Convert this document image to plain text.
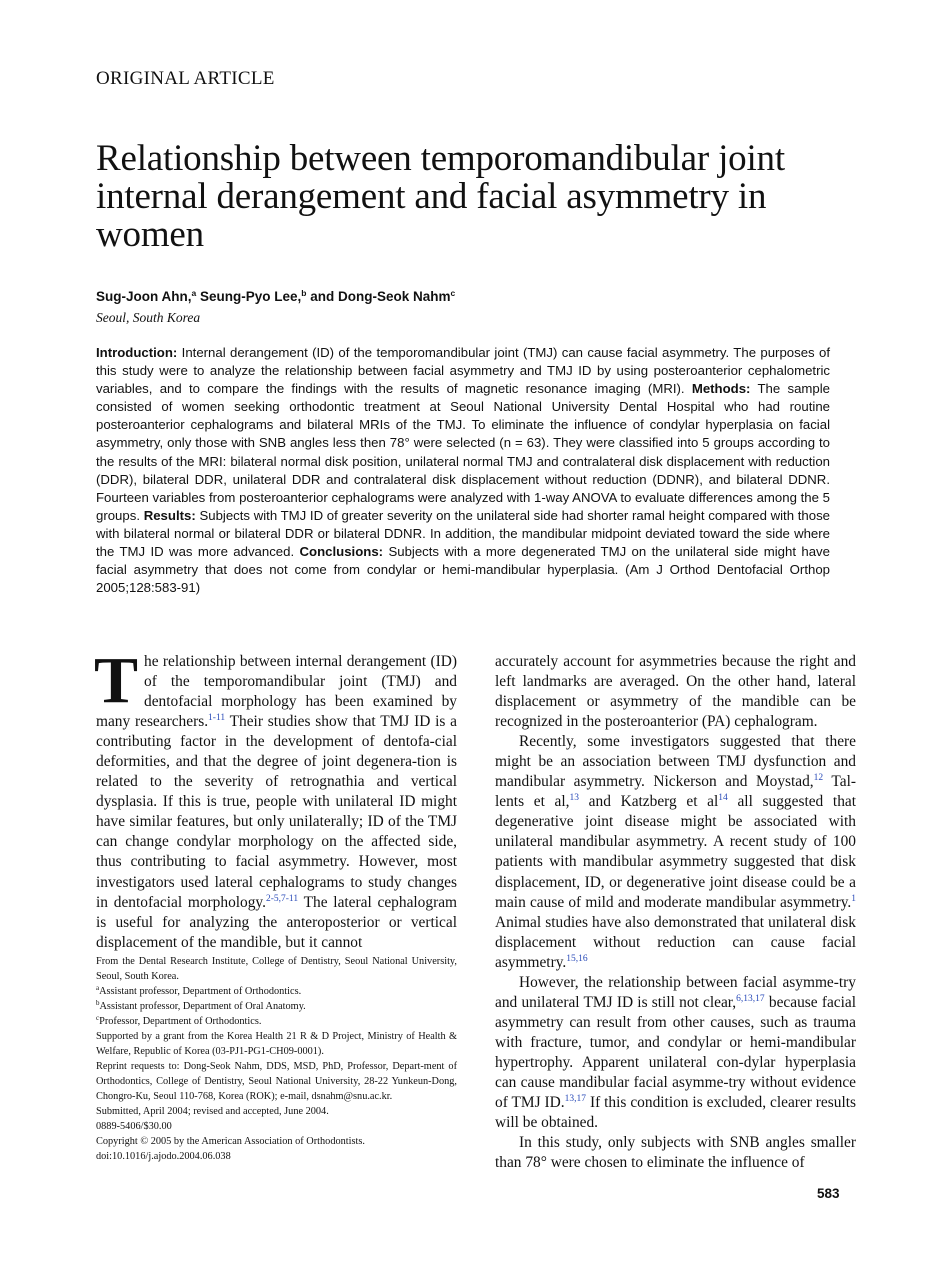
ORIGINAL ARTICLE
Relationship between temporomandibular joint internal derangement and facial asymmetry in women
Sug-Joon Ahn,$^a$ Seung-Pyo Lee,$^b$ and Dong-Seok Nahm$^c$
Seoul, South Korea

Introduction: Internal derangement (ID) of the temporomandibular joint (TMJ) can cause facial asymmetry. The purposes of this study were to analyze the relationship between facial asymmetry and TMJ ID by using posteroanterior cephalometric variables, and to compare the findings with the results of magnetic resonance imaging (MRI). Methods: The sample consisted of women seeking orthodontic treatment at Seoul National University Dental Hospital who had routine posteroanterior cephalograms and bilateral MRIs of the TMJ. To eliminate the influence of condylar hyperplasia on facial asymmetry, only those with SNB angles less then 78° were selected (n = 63). They were classified into 5 groups according to the results of the MRI: bilateral normal disk position, unilateral normal TMJ and contralateral disk displacement with reduction (DDR), bilateral DDR, unilateral DDR and contralateral disk displacement without reduction (DDNR), and bilateral DDNR. Fourteen variables from posteroanterior cephalograms were analyzed with 1-way ANOVA to evaluate differences among the 5 groups. Results: Subjects with TMJ ID of greater severity on the unilateral side had shorter ramal height compared with those with bilateral normal or bilateral DDR or bilateral DDNR. In addition, the mandibular midpoint deviated toward the side where the TMJ ID was more advanced. Conclusions: Subjects with a more degenerated TMJ on the unilateral side might have facial asymmetry that does not come from condylar or hemi-mandibular hyperplasia. (Am J Orthod Dentofacial Orthop 2005;128:583-91)

The relationship between internal derangement (ID) of the temporomandibular joint (TMJ) and dentofacial morphology has been examined by many researchers.$^{1-11}$ Their studies show that TMJ ID is a contributing factor in the development of dentofa-cial deformities, and that the degree of joint degenera-tion is related to the severity of retrognathia and vertical dysplasia. If this is true, people with unilateral ID might have similar features, but only unilaterally; ID of the TMJ can change condylar morphology on the affected side, thus contributing to facial asymmetry. However, most investigators used lateral cephalograms to study changes in dentofacial morphology.$^{2-5,7-11}$ The lateral cephalogram is useful for analyzing the anteroposterior or vertical displacement of the mandible, but it cannot

accurately account for asymmetries because the right and left landmarks are averaged. On the other hand, lateral displacement or asymmetry of the mandible can be recognized in the posteroanterior (PA) cephalogram.

Recently, some investigators suggested that there might be an association between TMJ dysfunction and mandibular asymmetry. Nickerson and Moystad,$^{12}$ Tal-lents et al,$^{13}$ and Katzberg et $al^{14}$ all suggested that degenerative joint disease might be associated with unilateral mandibular asymmetry. A recent study of 100 patients with mandibular asymmetry suggested that disk displacement, ID, or degenerative joint disease could be a main cause of mild and moderate mandibular asymmetry.$^1$ Animal studies have also demonstrated that unilateral disk displacement without reduction can cause facial asymmetry.$^{15,16}$

However, the relationship between facial asymme-try and unilateral TMJ ID is still not clear,$^{6,13,17}$ because facial asymmetry can result from other causes, such as trauma with fracture, tumor, and condylar or hemi-mandibular hypertrophy. Apparent unilateral con-dylar hyperplasia can cause mandibular facial asymme-try without evidence of TMJ ID.$^{13,17}$ If this condition is excluded, clearer results will be obtained.

In this study, only subjects with SNB angles smaller than 78° were chosen to eliminate the influence of

From the Dental Research Institute, College of Dentistry, Seoul National University, Seoul, South Korea.
$^a$Assistant professor, Department of Orthodontics.
$^b$Assistant professor, Department of Oral Anatomy.
$^c$Professor, Department of Orthodontics.
Supported by a grant from the Korea Health 21 R & D Project, Ministry of Health & Welfare, Republic of Korea (03-PJ1-PG1-CH09-0001).
Reprint requests to: Dong-Seok Nahm, DDS, MSD, PhD, Professor, Depart-ment of Orthodontics, College of Dentistry, Seoul National University, 28-22 Yunkeun-Dong, Chongro-Ku, Seoul 110-768, Korea (ROK); e-mail, dsnahm@snu.ac.kr.
Submitted, April 2004; revised and accepted, June 2004.
0889-5406/$30.00
Copyright © 2005 by the American Association of Orthodontists.
doi:10.1016/j.ajodo.2004.06.038
583
